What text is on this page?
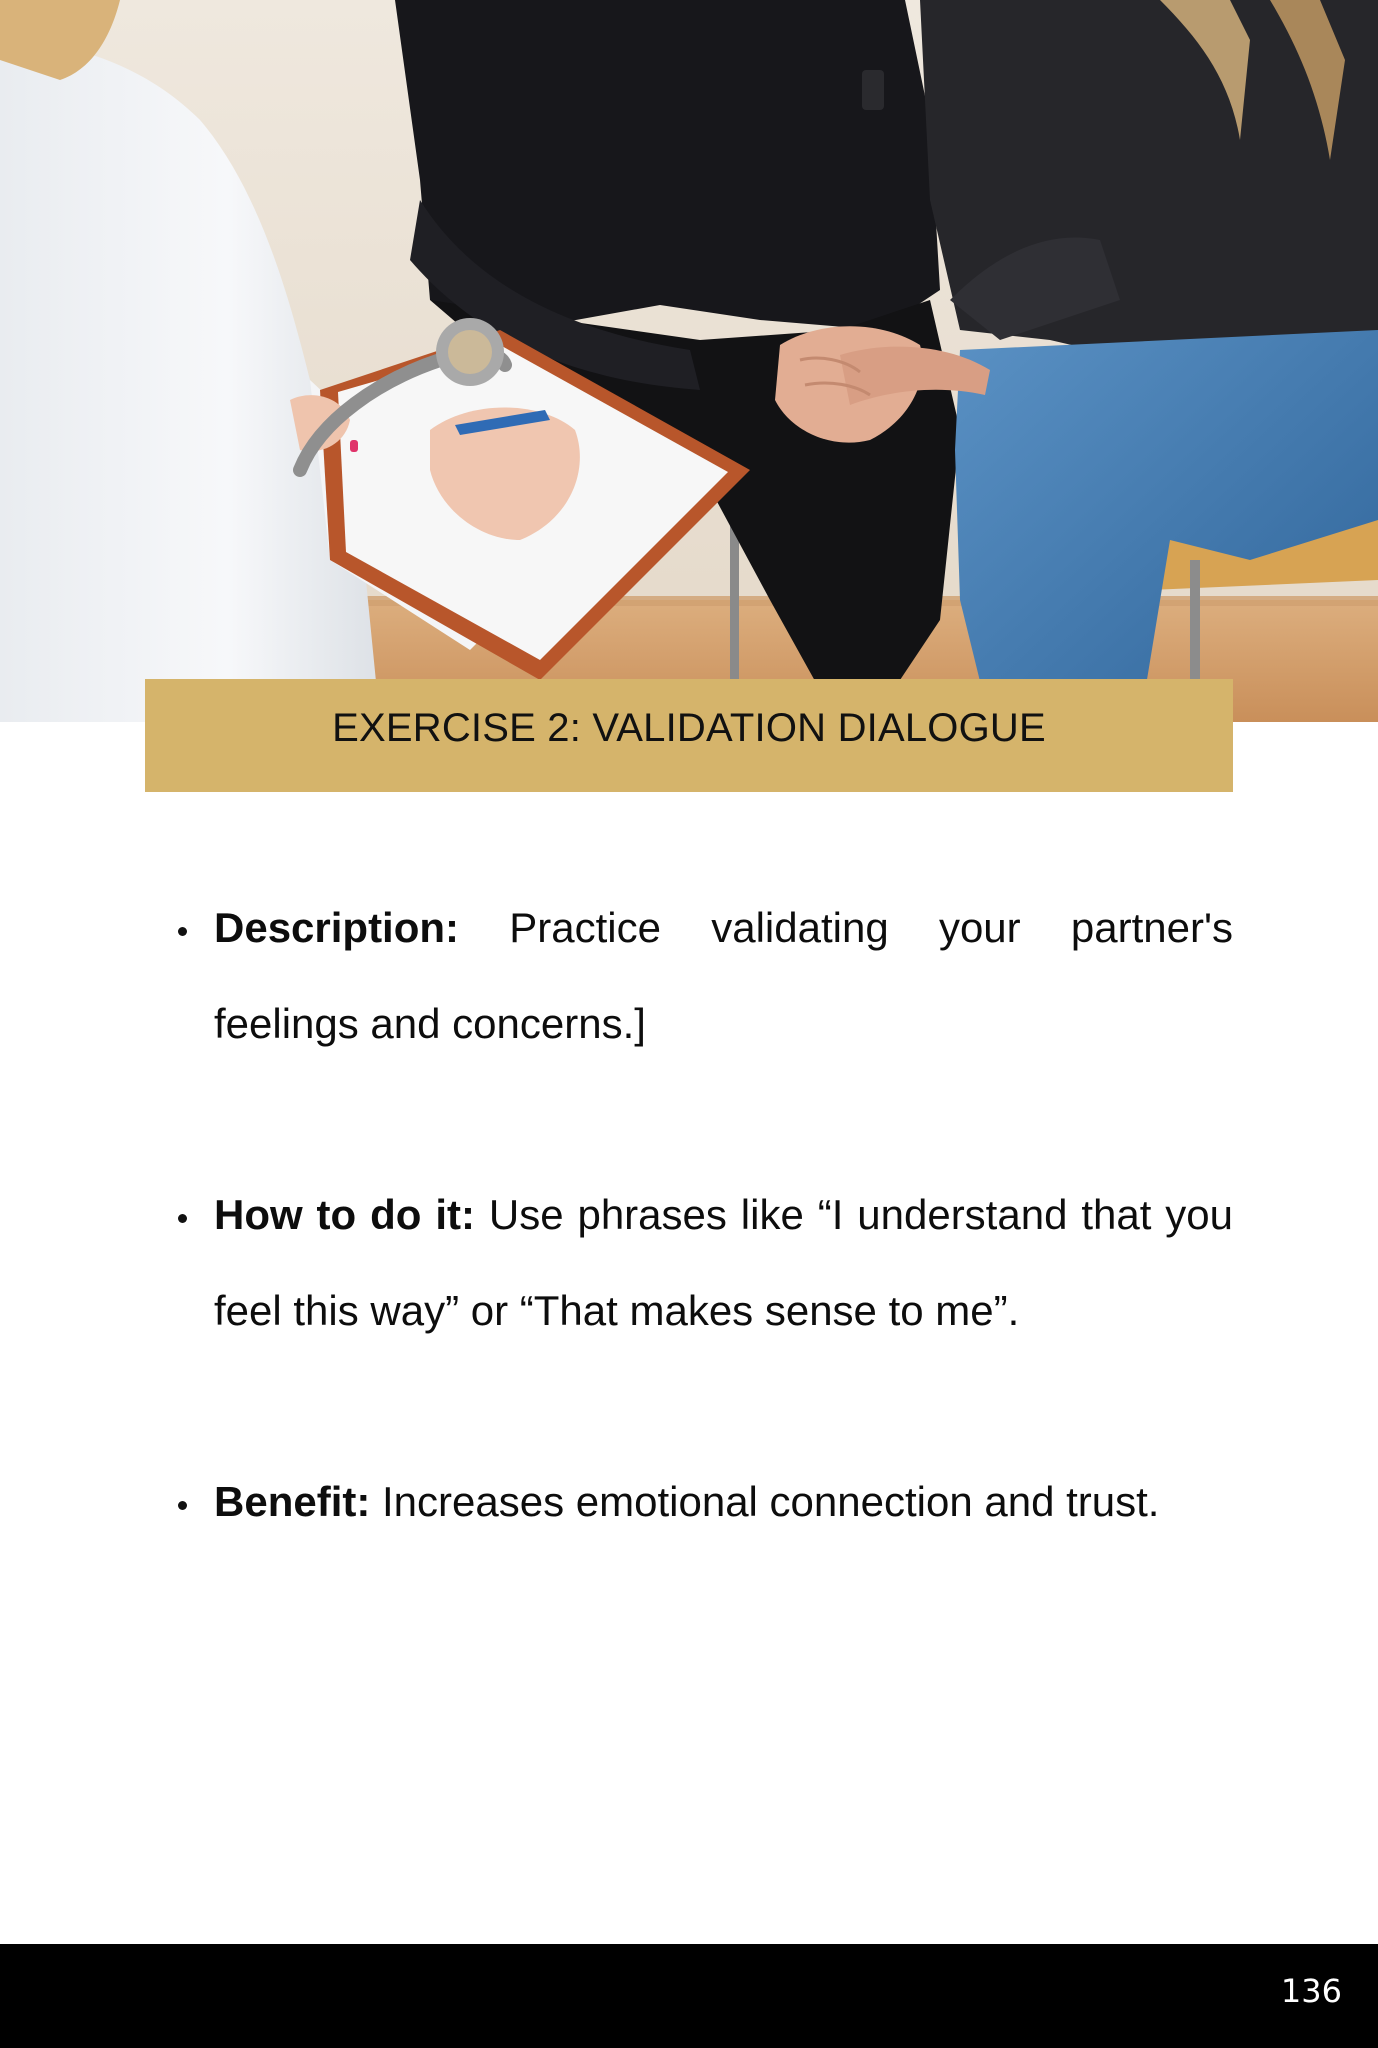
EXERCISE 2: VALIDATION DIALOGUE
Description: Practice validating your partner's feelings and concerns.]
How to do it: Use phrases like “I understand that you feel this way” or “That makes sense to me”.
Benefit: Increases emotional connection and trust.
136
